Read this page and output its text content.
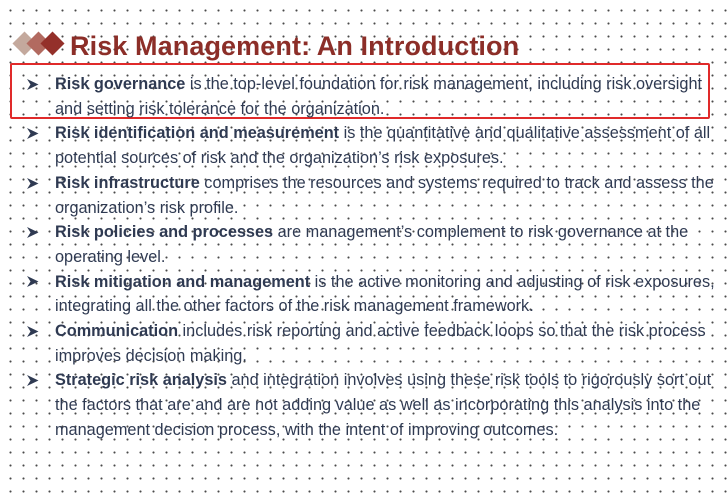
Risk Management: An Introduction
Risk governance is the top-level foundation for risk management, including risk oversight and setting risk tolerance for the organization.
Risk identification and measurement is the quantitative and qualitative assessment of all potential sources of risk and the organization’s risk exposures.
Risk infrastructure comprises the resources and systems required to track and assess the organization’s risk profile.
Risk policies and processes are management’s complement to risk governance at the operating level.
Risk mitigation and management is the active monitoring and adjusting of risk exposures, integrating all the other factors of the risk management framework.
Communication includes risk reporting and active feedback loops so that the risk process improves decision making.
Strategic risk analysis and integration involves using these risk tools to rigorously sort out the factors that are and are not adding value as well as incorporating this analysis into the management decision process, with the intent of improving outcomes.
